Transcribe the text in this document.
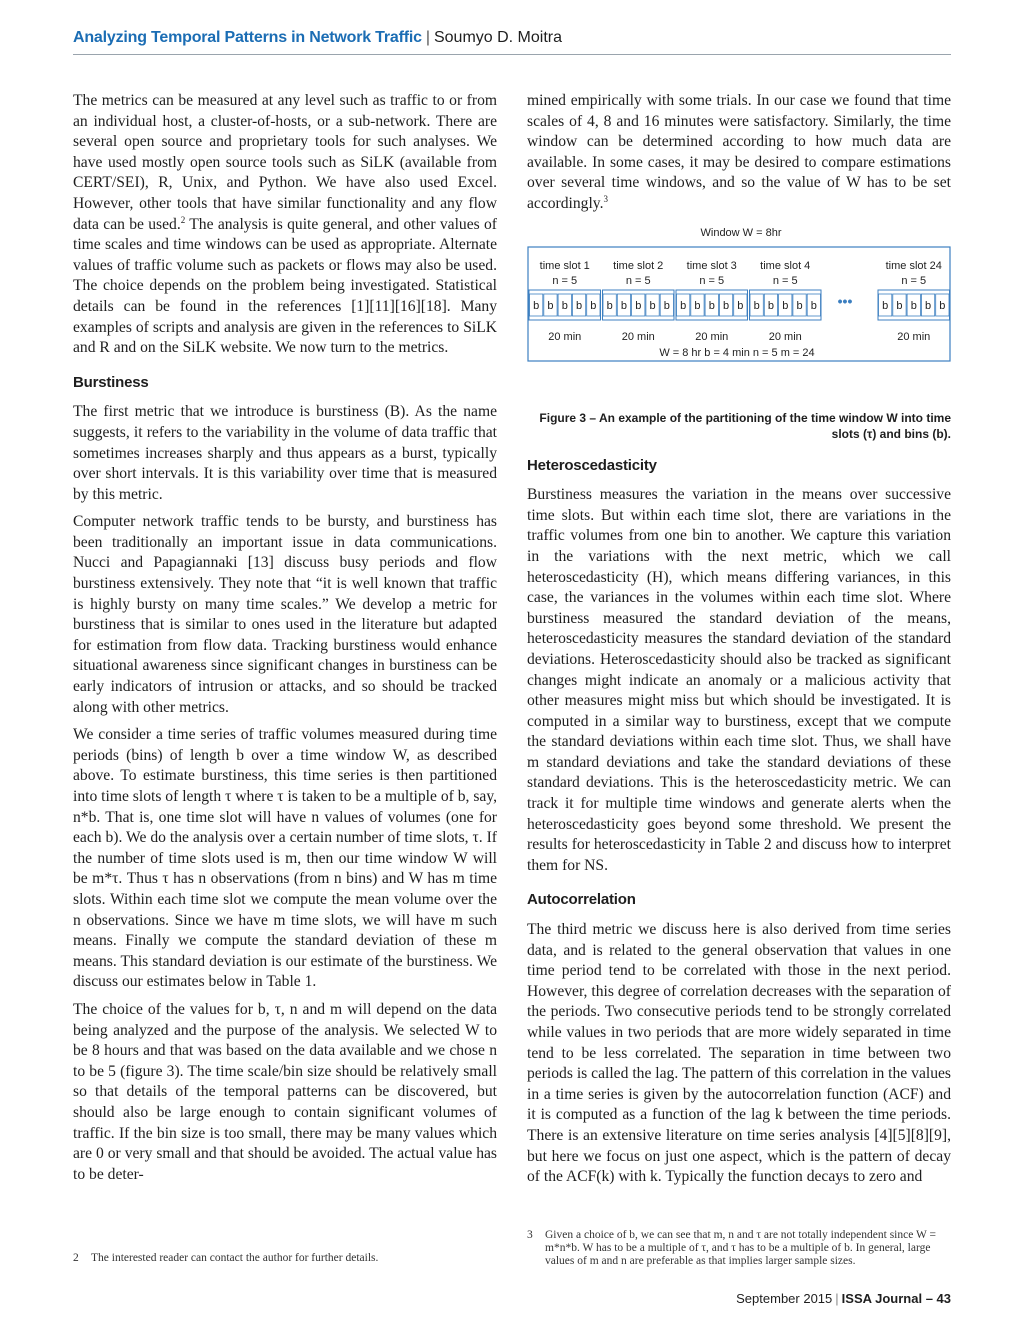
Analyzing Temporal Patterns in Network Traffic | Soumyo D. Moitra

The metrics can be measured at any level such as traffic to or from an individual host, a cluster-of-hosts, or a sub-network. There are several open source and proprietary tools for such analyses. We have used mostly open source tools such as SiLK (available from CERT/SEI), R, Unix, and Python. We have also used Excel. However, other tools that have similar functionality and any flow data can be used.$^2$ The analysis is quite general, and other values of time scales and time windows can be used as appropriate. Alternate values of traffic volume such as packets or flows may also be used. The choice depends on the problem being investigated. Statistical details can be found in the references [1][11][16][18]. Many examples of scripts and analysis are given in the references to SiLK and R and on the SiLK website. We now turn to the metrics.

Burstiness

The first metric that we introduce is burstiness (B). As the name suggests, it refers to the variability in the volume of data traffic that sometimes increases sharply and thus appears as a burst, typically over short intervals. It is this variability over time that is measured by this metric.

Computer network traffic tends to be bursty, and burstiness has been traditionally an important issue in data communications. Nucci and Papagiannaki [13] discuss busy periods and flow burstiness extensively. They note that “it is well known that traffic is highly bursty on many time scales.” We develop a metric for burstiness that is similar to ones used in the literature but adapted for estimation from flow data. Tracking burstiness would enhance situational awareness since significant changes in burstiness can be early indicators of intrusion or attacks, and so should be tracked along with other metrics.

We consider a time series of traffic volumes measured during time periods (bins) of length b over a time window W, as described above. To estimate burstiness, this time series is then partitioned into time slots of length τ where τ is taken to be a multiple of b, say, n*b. That is, one time slot will have n values of volumes (one for each b). We do the analysis over a certain number of time slots, τ. If the number of time slots used is m, then our time window W will be m*τ. Thus τ has n observations (from n bins) and W has m time slots. Within each time slot we compute the mean volume over the n observations. Since we have m time slots, we will have m such means. Finally we compute the standard deviation of these m means. This standard deviation is our estimate of the burstiness. We discuss our estimates below in Table 1.

The choice of the values for b, τ, n and m will depend on the data being analyzed and the purpose of the analysis. We selected W to be 8 hours and that was based on the data available and we chose n to be 5 (figure 3). The time scale/bin size should be relatively small so that details of the temporal patterns can be discovered, but should also be large enough to contain significant volumes of traffic. If the bin size is too small, there may be many values which are 0 or very small and that should be avoided. The actual value has to be deter-

mined empirically with some trials. In our case we found that time scales of 4, 8 and 16 minutes were satisfactory. Similarly, the time window can be determined according to how much data are available. In some cases, it may be desired to compare estimations over several time windows, and so the value of W has to be set accordingly.$^3$

Window W = 8hr
time slot 1
n = 5
b b b b b
20 min
time slot 2
n = 5
b b b b b
20 min
time slot 3
n = 5
b b b b b
20 min
time slot 4
n = 5
b b b b b
20 min
time slot 24
n = 5
b b b b b
20 min
•••
W = 8 hr b = 4 min n = 5 m = 24

Figure 3 – An example of the partitioning of the time window W into time slots (τ) and bins (b).

Heteroscedasticity

Burstiness measures the variation in the means over successive time slots. But within each time slot, there are variations in the traffic volumes from one bin to another. We capture this variation in the variations with the next metric, which we call heteroscedasticity (H), which means differing variances, in this case, the variances in the volumes within each time slot. Where burstiness measured the standard deviation of the means, heteroscedasticity measures the standard deviation of the standard deviations. Heteroscedasticity should also be tracked as significant changes might indicate an anomaly or a malicious activity that other measures might miss but which should be investigated. It is computed in a similar way to burstiness, except that we compute the standard deviations within each time slot. Thus, we shall have m standard deviations and take the standard deviations of these standard deviations. This is the heteroscedasticity metric. We can track it for multiple time windows and generate alerts when the heteroscedasticity goes beyond some threshold. We present the results for heteroscedasticity in Table 2 and discuss how to interpret them for NS.

Autocorrelation

The third metric we discuss here is also derived from time series data, and is related to the general observation that values in one time period tend to be correlated with those in the next period. However, this degree of correlation decreases with the separation of the periods. Two consecutive periods tend to be strongly correlated while values in two periods that are more widely separated in time tend to be less correlated. The separation in time between two periods is called the lag. The pattern of this correlation in the values in a time series is given by the autocorrelation function (ACF) and it is computed as a function of the lag k between the time periods. There is an extensive literature on time series analysis [4][5][8][9], but here we focus on just one aspect, which is the pattern of decay of the ACF(k) with k. Typically the function decays to zero and

2 The interested reader can contact the author for further details.
3 Given a choice of b, we can see that m, n and τ are not totally independent since W = m*n*b. W has to be a multiple of τ, and τ has to be a multiple of b. In general, large values of m and n are preferable as that implies larger sample sizes.
September 2015 | ISSA Journal – 43
